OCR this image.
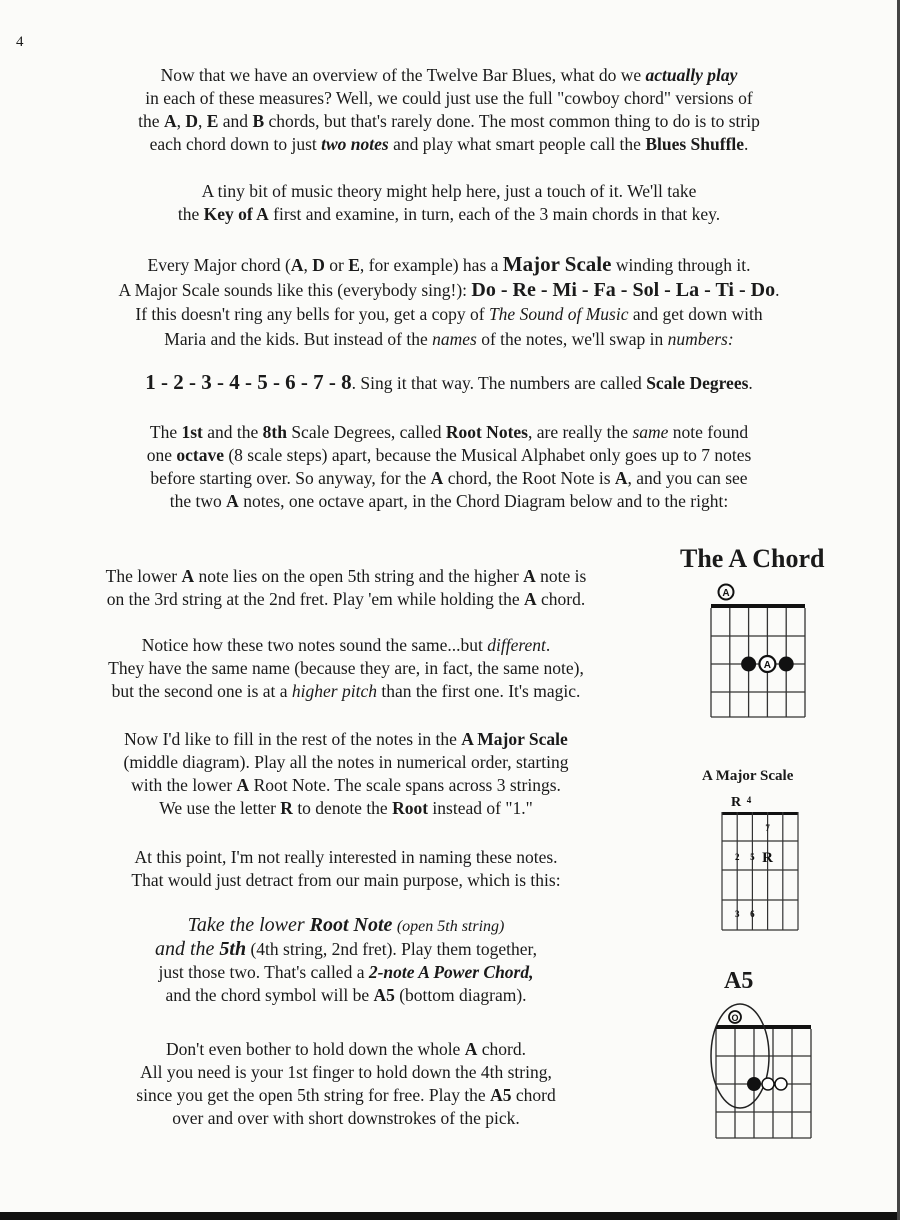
4
Now that we have an overview of the Twelve Bar Blues, what do we actually play
in each of these measures? Well, we could just use the full "cowboy chord" versions of
the A, D, E and B chords, but that's rarely done. The most common thing to do is to strip
each chord down to just two notes and play what smart people call the Blues Shuffle.
A tiny bit of music theory might help here, just a touch of it. We'll take
the Key of A first and examine, in turn, each of the 3 main chords in that key.
Every Major chord (A, D or E, for example) has a Major Scale winding through it.
A Major Scale sounds like this (everybody sing!): Do - Re - Mi - Fa - Sol - La - Ti - Do.
If this doesn't ring any bells for you, get a copy of The Sound of Music and get down with
Maria and the kids. But instead of the names of the notes, we'll swap in numbers:
1 - 2 - 3 - 4 - 5 - 6 - 7 - 8. Sing it that way. The numbers are called Scale Degrees.
The 1st and the 8th Scale Degrees, called Root Notes, are really the same note found
one octave (8 scale steps) apart, because the Musical Alphabet only goes up to 7 notes
before starting over. So anyway, for the A chord, the Root Note is A, and you can see
the two A notes, one octave apart, in the Chord Diagram below and to the right:
The lower A note lies on the open 5th string and the higher A note is
on the 3rd string at the 2nd fret. Play 'em while holding the A chord.
Notice how these two notes sound the same...but different.
They have the same name (because they are, in fact, the same note),
but the second one is at a higher pitch than the first one. It's magic.
Now I'd like to fill in the rest of the notes in the A Major Scale
(middle diagram). Play all the notes in numerical order, starting
with the lower A Root Note. The scale spans across 3 strings.
We use the letter R to denote the Root instead of "1."
At this point, I'm not really interested in naming these notes.
That would just detract from our main purpose, which is this:
Take the lower Root Note (open 5th string)
and the 5th (4th string, 2nd fret). Play them together,
just those two. That's called a 2-note A Power Chord,
and the chord symbol will be A5 (bottom diagram).
Don't even bother to hold down the whole A chord.
All you need is your 1st finger to hold down the 4th string,
since you get the open 5th string for free. Play the A5 chord
over and over with short downstrokes of the pick.
The A Chord
A
A
A Major Scale
R 4
7
2 5 R
3 6
A5
O
